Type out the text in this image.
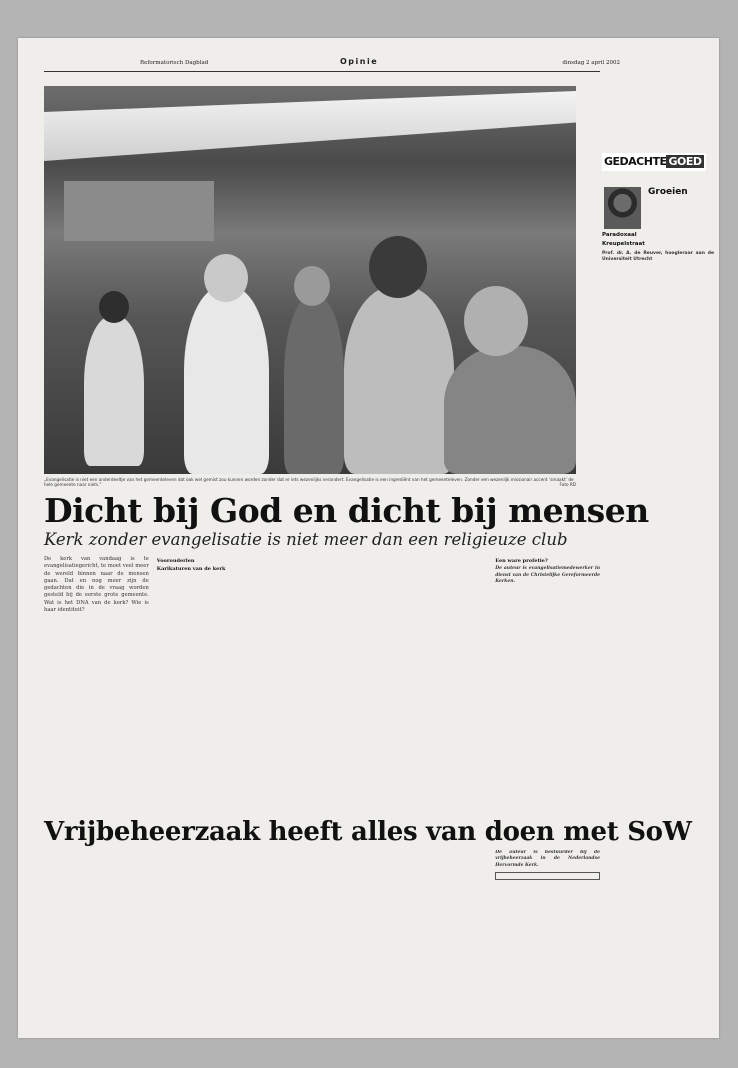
Reformatorisch Dagblad	Opinie	dinsdag 2 april 2002
„Evangelisatie is niet een onderdeeltje van het gemeenteleven dat ook wel gemist zou kunnen worden zonder dat er iets wezenlijks verandert. Evangelisatie is een ingrediënt van het gemeenteleven. Zonder een wezenlijk missionair accent ‘smaakt’ de hele gemeente naar niets.”	Foto RD
Dicht bij God en dicht bij mensen
Kerk zonder evangelisatie is niet meer dan een religieuze club

De kerk van vandaag is te evangelisatiegericht, te moet veel meer de wereld binnen naar de mensen gaan. Dat en nog meer zijn de gedachten die in de vraag worden gesteld bij de eerste grote gemeente. Wat is het DNA van de kerk? Wie is haar identiteit?

Voorouderlen
Karikaturen van de kerk
Een ware profetie?

De auteur is evangelisatiemedewerker in dienst van de Christelijke Gereformeerde Kerken.

Vrijbeheerzaak heeft alles van doen met SoW

De auteur is bestuurder bij de vrijbeheerzaak in de Nederlandse Hervormde Kerk.

GEDACHTE GOED
Groeien
Paradoxaal
Kreupelstraat

Prof. dr. A. de Reuver, hoogleraar aan de Universiteit Utrecht
